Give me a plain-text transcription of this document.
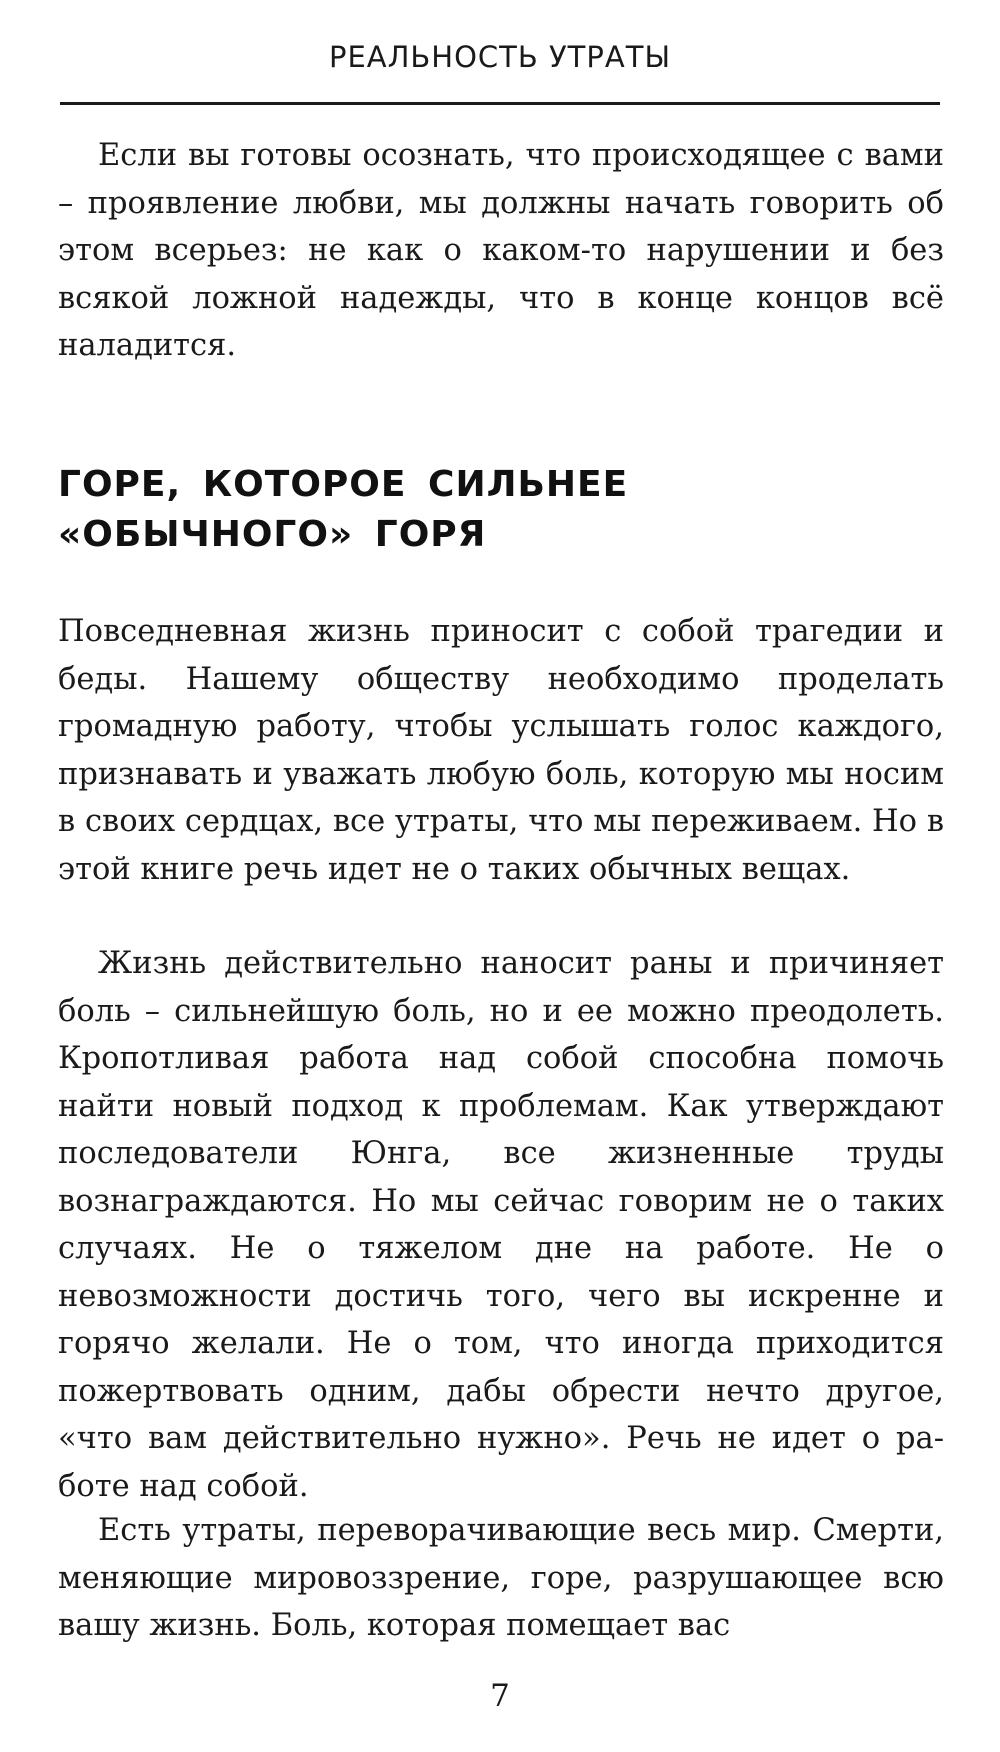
РЕАЛЬНОСТЬ УТРАТЫ

Если вы готовы осознать, что происходящее с вами – проявление любви, мы должны начать говорить об этом всерьез: не как о каком-то нарушении и без всякой ложной надежды, что в конце концов всё наладится.

ГОРЕ, КОТОРОЕ СИЛЬНЕЕ
«ОБЫЧНОГО» ГОРЯ

Повседневная жизнь приносит с собой трагедии и беды. Нашему обществу необходимо проделать громадную работу, чтобы услышать голос каждого, признавать и уважать любую боль, которую мы носим в своих сердцах, все утраты, что мы переживаем. Но в этой книге речь идет не о таких обычных вещах.

Жизнь действительно наносит раны и причиняет боль – сильнейшую боль, но и ее можно преодолеть. Кропотливая работа над собой способна помочь найти новый подход к проблемам. Как утверждают последователи Юнга, все жизненные труды вознаграждаются. Но мы сейчас говорим не о таких случаях. Не о тяжелом дне на работе. Не о невозможности достичь того, чего вы искренне и горячо желали. Не о том, что иногда приходится пожертвовать одним, дабы обрести нечто другое, «что вам действительно нужно». Речь не идет о работе над собой.

Есть утраты, переворачивающие весь мир. Смерти, меняющие мировоззрение, горе, разрушающее всю вашу жизнь. Боль, которая помещает вас

7
